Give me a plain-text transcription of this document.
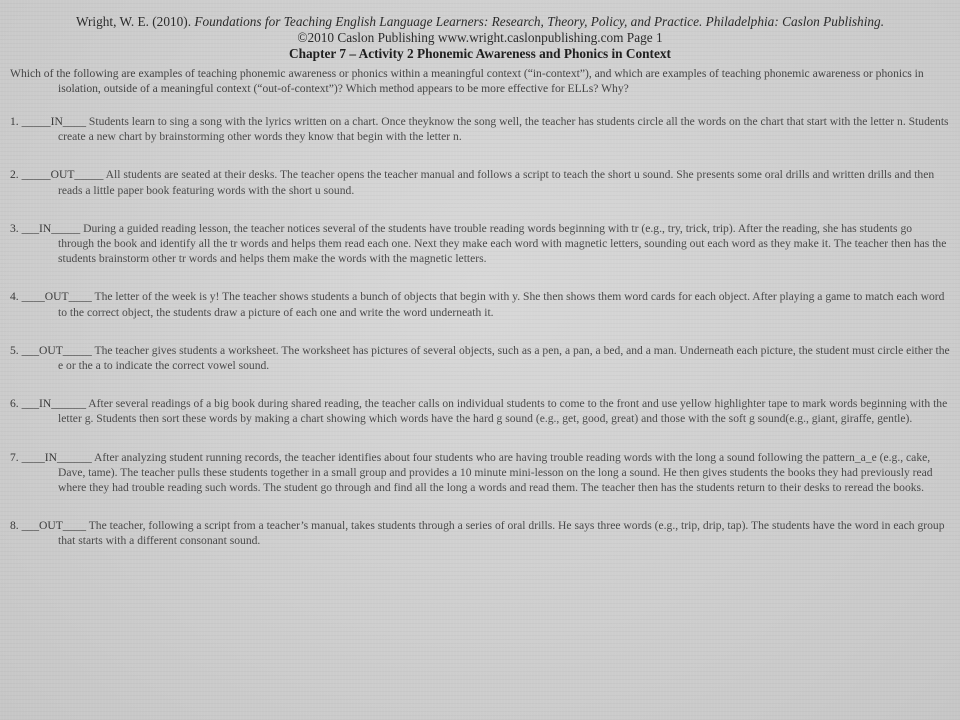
Wright, W. E. (2010). Foundations for Teaching English Language Learners: Research, Theory, Policy, and Practice. Philadelphia: Caslon Publishing.
©2010 Caslon Publishing www.wright.caslonpublishing.com Page 1
Chapter 7 – Activity 2 Phonemic Awareness and Phonics in Context
Which of the following are examples of teaching phonemic awareness or phonics within a meaningful context (“in-context”), and which are examples of teaching phonemic awareness or phonics in isolation, outside of a meaningful context (“out-of-context”)? Which method appears to be more effective for ELLs? Why?
1. _____IN____ Students learn to sing a song with the lyrics written on a chart. Once theyknow the song well, the teacher has students circle all the words on the chart that start with the letter n. Students create a new chart by brainstorming other words they know that begin with the letter n.
2. _____OUT_____ All students are seated at their desks. The teacher opens the teacher manual and follows a script to teach the short u sound. She presents some oral drills and written drills and then reads a little paper book featuring words with the short u sound.
3. ___IN_____ During a guided reading lesson, the teacher notices several of the students have trouble reading words beginning with tr (e.g., try, trick, trip). After the reading, she has students go through the book and identify all the tr words and helps them read each one. Next they make each word with magnetic letters, sounding out each word as they make it. The teacher then has the students brainstorm other tr words and helps them make the words with the magnetic letters.
4. ____OUT____ The letter of the week is y! The teacher shows students a bunch of objects that begin with y. She then shows them word cards for each object. After playing a game to match each word to the correct object, the students draw a picture of each one and write the word underneath it.
5. ___OUT_____ The teacher gives students a worksheet. The worksheet has pictures of several objects, such as a pen, a pan, a bed, and a man. Underneath each picture, the student must circle either the e or the a to indicate the correct vowel sound.
6. ___IN______ After several readings of a big book during shared reading, the teacher calls on individual students to come to the front and use yellow highlighter tape to mark words beginning with the letter g. Students then sort these words by making a chart showing which words have the hard g sound (e.g., get, good, great) and those with the soft g sound(e.g., giant, giraffe, gentle).
7. ____IN______ After analyzing student running records, the teacher identifies about four students who are having trouble reading words with the long a sound following the pattern_a_e (e.g., cake, Dave, tame). The teacher pulls these students together in a small group and provides a 10 minute mini-lesson on the long a sound. He then gives students the books they had previously read where they had trouble reading such words. The student go through and find all the long a words and read them. The teacher then has the students return to their desks to reread the books.
8. ___OUT____ The teacher, following a script from a teacher’s manual, takes students through a series of oral drills. He says three words (e.g., trip, drip, tap). The students have the word in each group that starts with a different consonant sound.
